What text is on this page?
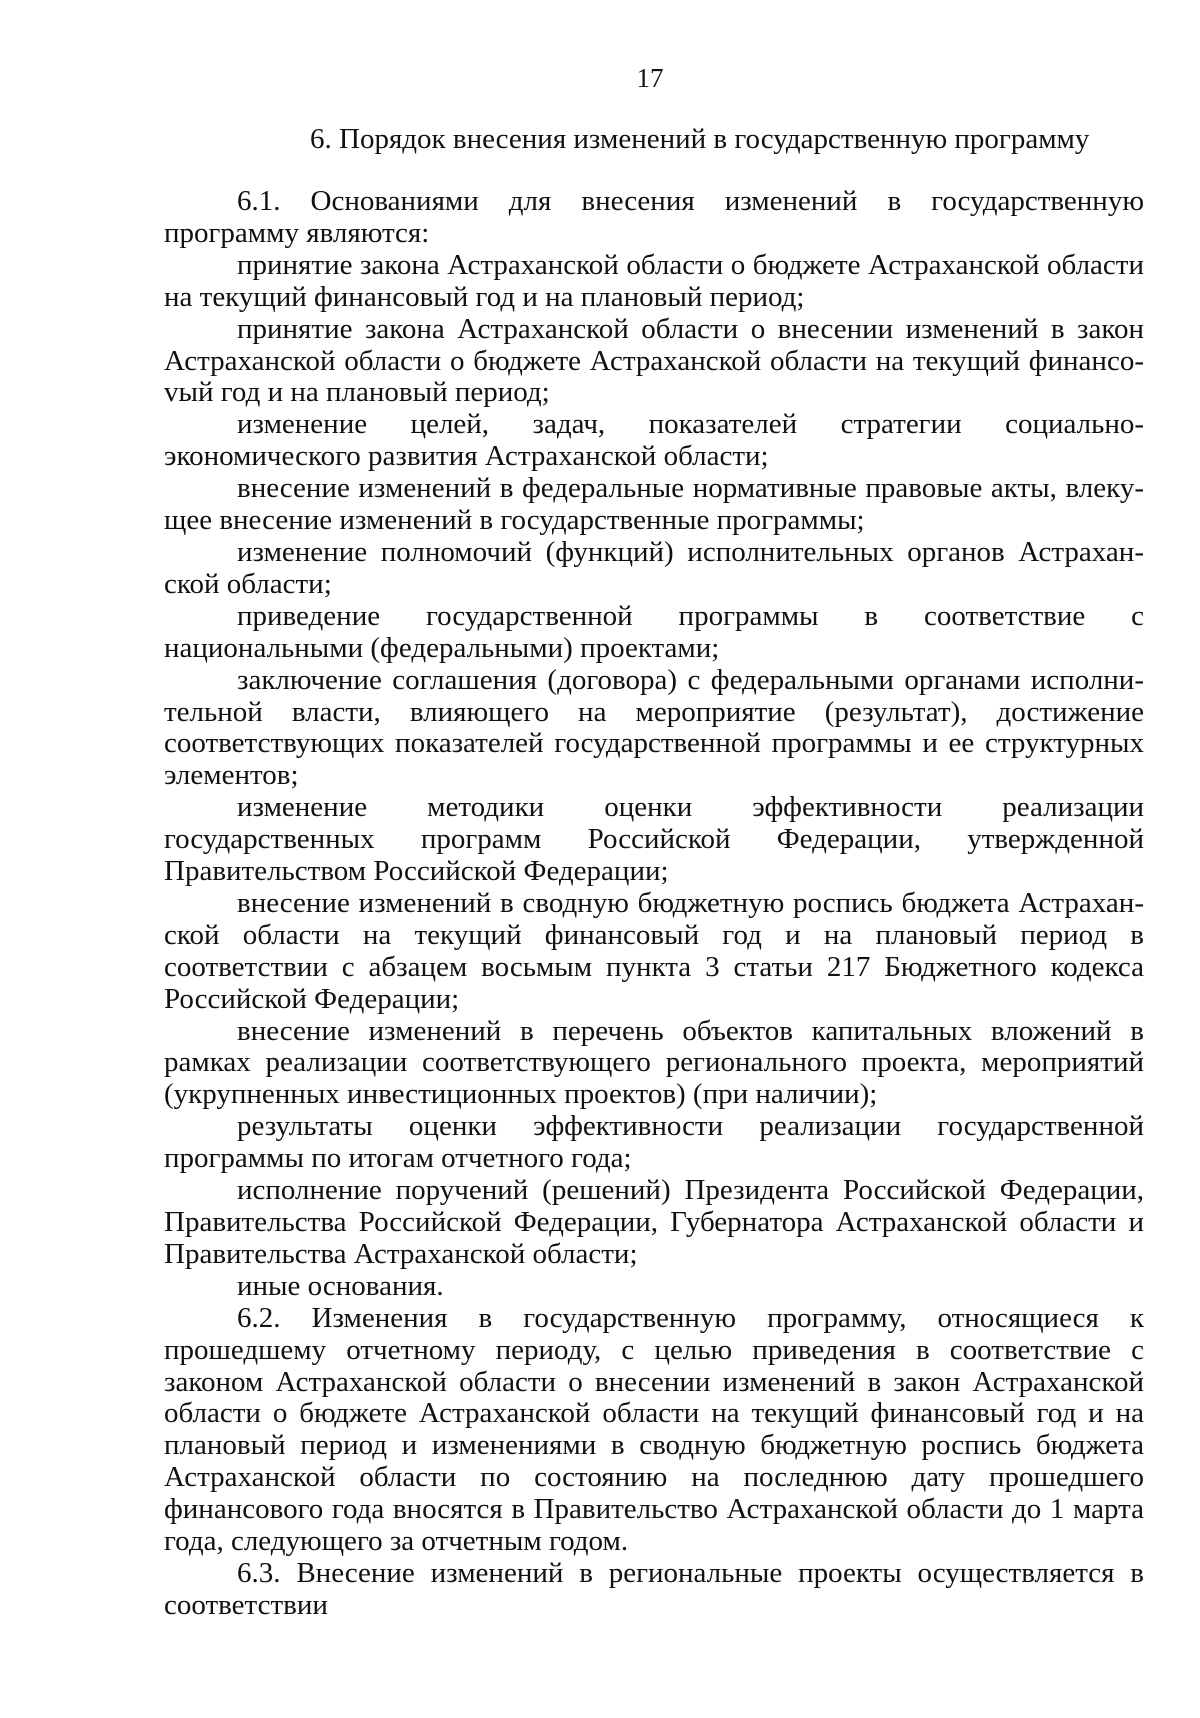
17
6. Порядок внесения изменений в государственную программу

6.1. Основаниями для внесения изменений в государственную программу являются:

принятие закона Астраханской области о бюджете Астраханской области на текущий финансовый год и на плановый период;

принятие закона Астраханской области о внесении изменений в закон Астраханской области о бюджете Астраханской области на текущий финансоvый год и на плановый период;

изменение целей, задач, показателей стратегии социально-экономического развития Астраханской области;

внесение изменений в федеральные нормативные правовые акты, влекущее внесение изменений в государственные программы;

изменение полномочий (функций) исполнительных органов Астраханской области;

приведение государственной программы в соответствие с национальными (федеральными) проектами;

заключение соглашения (договора) с федеральными органами исполнительной власти, влияющего на мероприятие (результат), достижение соответствующих показателей государственной программы и ее структурных элементов;

изменение методики оценки эффективности реализации государственных программ Российской Федерации, утвержденной Правительством Российской Федерации;

внесение изменений в сводную бюджетную роспись бюджета Астраханской области на текущий финансовый год и на плановый период в соответствии с абзацем восьмым пункта 3 статьи 217 Бюджетного кодекса Российской Федерации;

внесение изменений в перечень объектов капитальных вложений в рамках реализации соответствующего регионального проекта, мероприятий (укрупненных инвестиционных проектов) (при наличии);

результаты оценки эффективности реализации государственной программы по итогам отчетного года;

исполнение поручений (решений) Президента Российской Федерации, Правительства Российской Федерации, Губернатора Астраханской области и Правительства Астраханской области;

иные основания.

6.2. Изменения в государственную программу, относящиеся к прошедшему отчетному периоду, с целью приведения в соответствие с законом Астраханской области о внесении изменений в закон Астраханской области о бюджете Астраханской области на текущий финансовый год и на плановый период и изменениями в сводную бюджетную роспись бюджета Астраханской области по состоянию на последнюю дату прошедшего финансового года вносятся в Правительство Астраханской области до 1 марта года, следующего за отчетным годом.

6.3. Внесение изменений в региональные проекты осуществляется в соответствии
